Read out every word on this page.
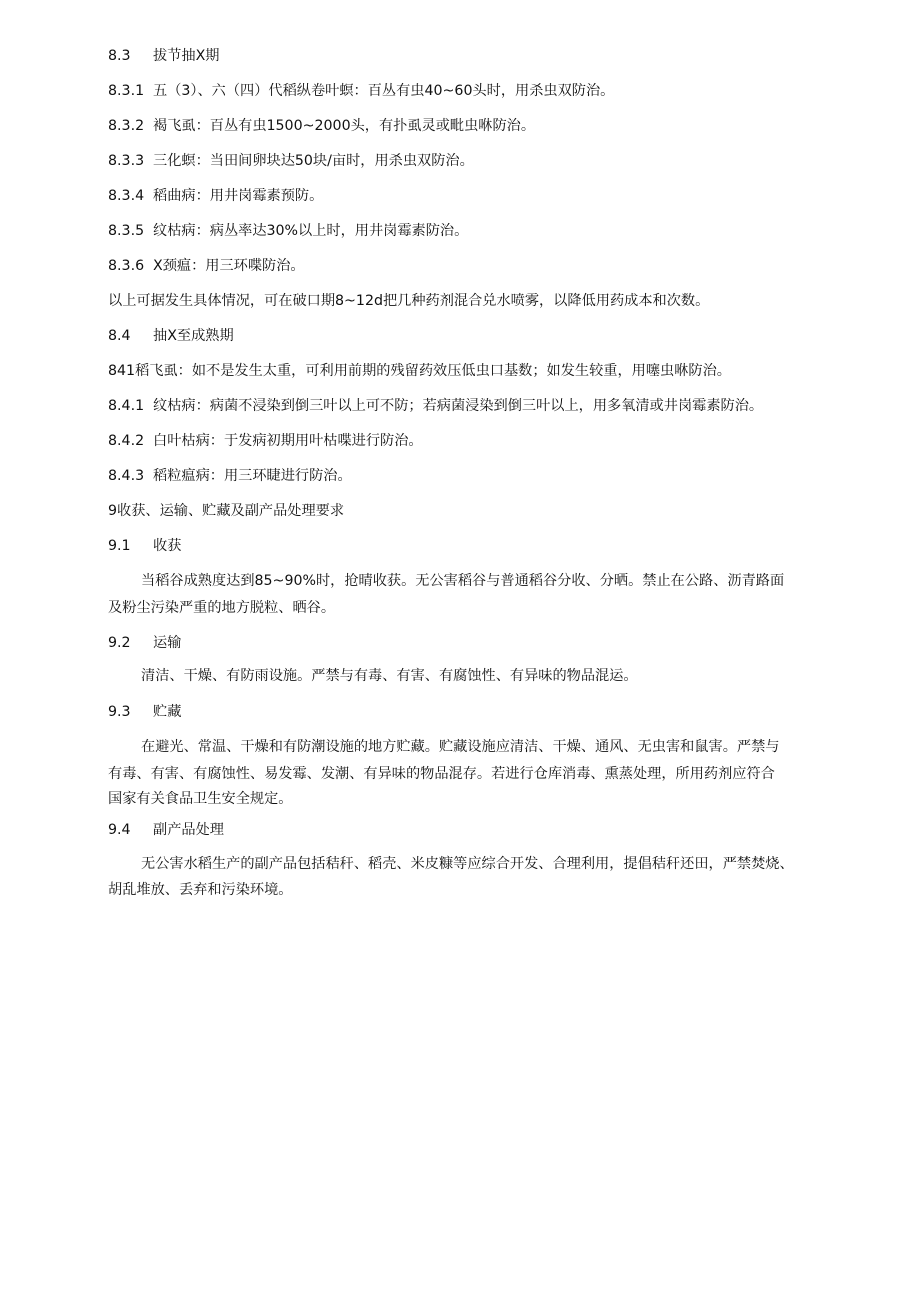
8.3 拔节抽X期
8.3.1 五（3）、六（四）代稻纵卷叶螟：百丛有虫40~60头时，用杀虫双防治。
8.3.2 褐飞虱：百丛有虫1500~2000头，有扑虱灵或毗虫咻防治。
8.3.3 三化螟：当田间卵块达50块/亩时，用杀虫双防治。
8.3.4 稻曲病：用井岗霉素预防。
8.3.5 纹枯病：病丛率达30%以上时，用井岗霉素防治。
8.3.6 X颈瘟：用三环喋防治。
以上可据发生具体情况，可在破口期8~12d把几种药剂混合兑水喷雾，以降低用药成本和次数。
8.4 抽X至成熟期
841稻飞虱：如不是发生太重，可利用前期的残留药效压低虫口基数；如发生较重，用噻虫咻防治。
8.4.1 纹枯病：病菌不浸染到倒三叶以上可不防；若病菌浸染到倒三叶以上，用多氧清或井岗霉素防治。
8.4.2 白叶枯病：于发病初期用叶枯喋进行防治。
8.4.3 稻粒瘟病：用三环睫进行防治。
9收获、运输、贮藏及副产品处理要求
9.1 收获
当稻谷成熟度达到85~90%时，抢晴收获。无公害稻谷与普通稻谷分收、分晒。禁止在公路、沥青路面
及粉尘污染严重的地方脱粒、晒谷。
9.2 运输
清洁、干燥、有防雨设施。严禁与有毒、有害、有腐蚀性、有异味的物品混运。
9.3 贮藏
在避光、常温、干燥和有防潮设施的地方贮藏。贮藏设施应清洁、干燥、通风、无虫害和鼠害。严禁与
有毒、有害、有腐蚀性、易发霉、发潮、有异味的物品混存。若进行仓库消毒、熏蒸处理，所用药剂应符合
国家有关食品卫生安全规定。
9.4 副产品处理
无公害水稻生产的副产品包括秸秆、稻壳、米皮糠等应综合开发、合理利用，提倡秸秆还田，严禁焚烧、
胡乱堆放、丢弃和污染环境。
